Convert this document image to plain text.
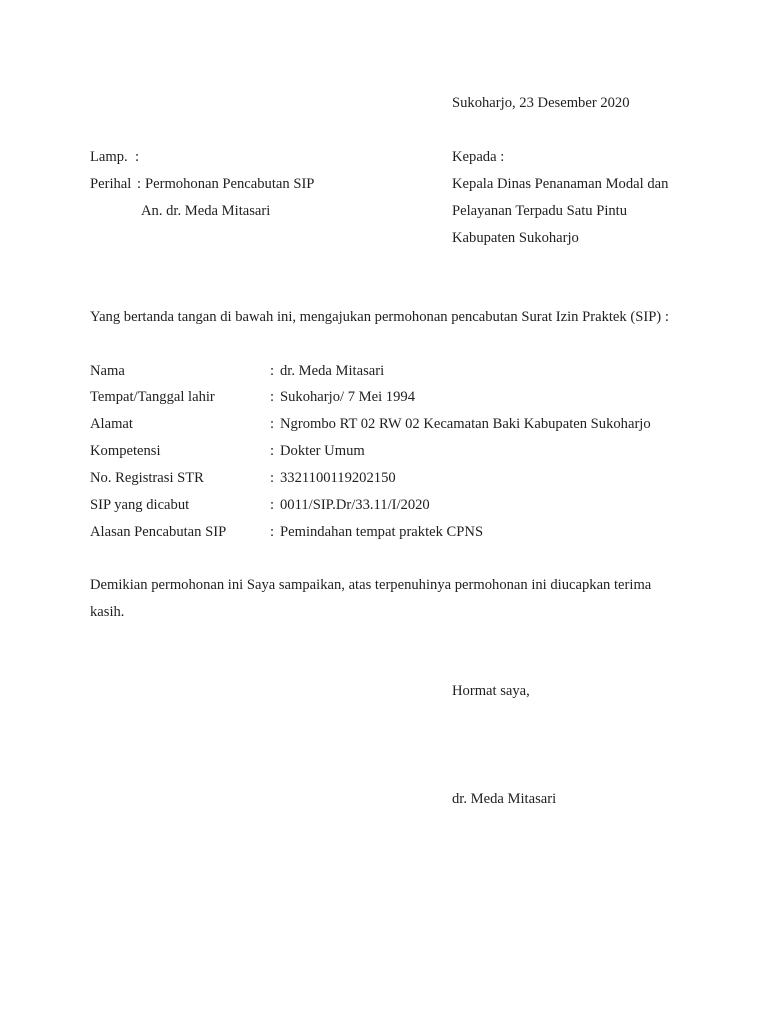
Sukoharjo, 23 Desember 2020
Lamp. :
Perihal : Permohonan Pencabutan SIP
An. dr. Meda Mitasari
Kepada :
Kepala Dinas Penanaman Modal dan
Pelayanan Terpadu Satu Pintu
Kabupaten Sukoharjo
Yang bertanda tangan di bawah ini, mengajukan permohonan pencabutan Surat Izin Praktek (SIP) :
Nama	: dr. Meda Mitasari
Tempat/Tanggal lahir	: Sukoharjo/ 7 Mei 1994
Alamat	: Ngrombo RT 02 RW 02 Kecamatan Baki Kabupaten Sukoharjo
Kompetensi	: Dokter Umum
No. Registrasi STR	: 3321100119202150
SIP yang dicabut	: 0011/SIP.Dr/33.11/I/2020
Alasan Pencabutan SIP	: Pemindahan tempat praktek CPNS
Demikian permohonan ini Saya sampaikan, atas terpenuhinya permohonan ini diucapkan terima kasih.
Hormat saya,
dr. Meda Mitasari
